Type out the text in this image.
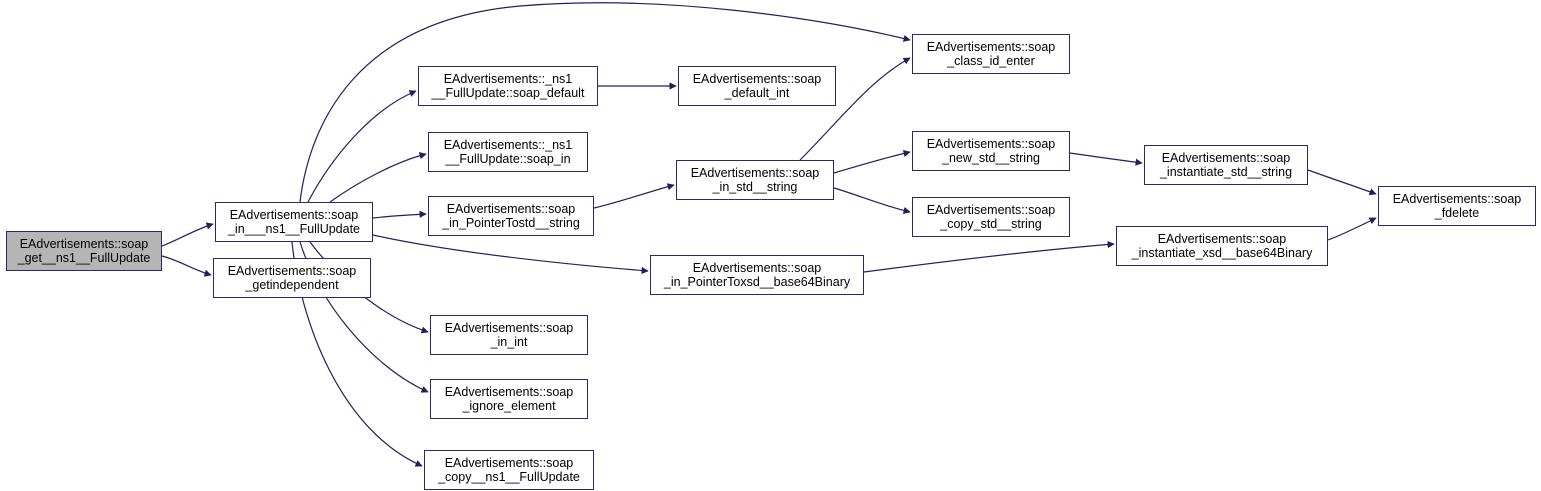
EAdvertisements::soap
_get__ns1__FullUpdate
EAdvertisements::soap
_in___ns1__FullUpdate
EAdvertisements::soap
_getindependent
EAdvertisements::_ns1
__FullUpdate::soap_default
EAdvertisements::_ns1
__FullUpdate::soap_in
EAdvertisements::soap
_in_PointerTostd__string
EAdvertisements::soap
_in_int
EAdvertisements::soap
_ignore_element
EAdvertisements::soap
_copy__ns1__FullUpdate
EAdvertisements::soap
_default_int
EAdvertisements::soap
_in_std__string
EAdvertisements::soap
_in_PointerToxsd__base64Binary
EAdvertisements::soap
_class_id_enter
EAdvertisements::soap
_new_std__string
EAdvertisements::soap
_copy_std__string
EAdvertisements::soap
_instantiate_std__string
EAdvertisements::soap
_instantiate_xsd__base64Binary
EAdvertisements::soap
_fdelete
